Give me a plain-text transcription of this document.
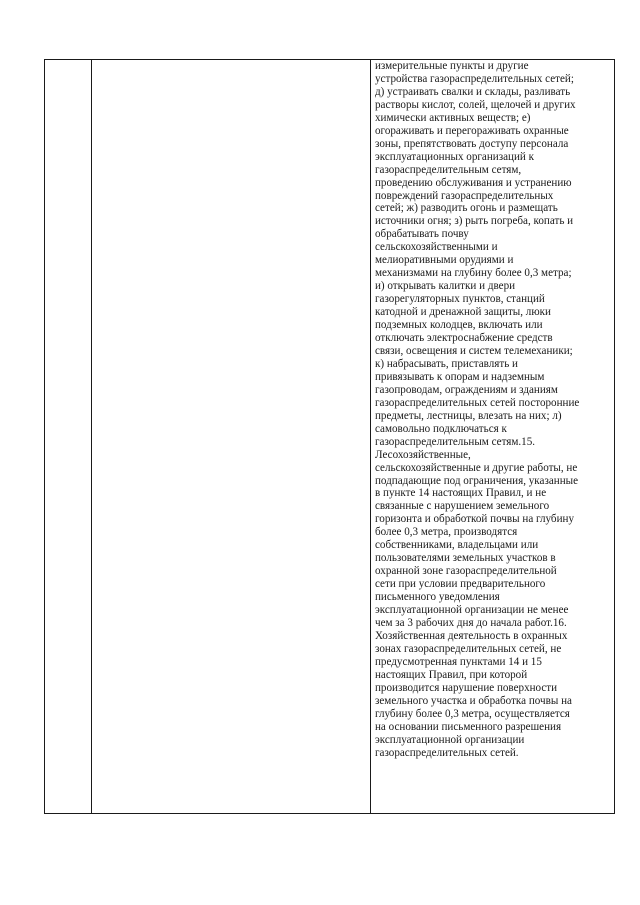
измерительные пункты и другие
устройства газораспределительных сетей;
д) устраивать свалки и склады, разливать
растворы кислот, солей, щелочей и других
химически активных веществ; е)
огораживать и перегораживать охранные
зоны, препятствовать доступу персонала
эксплуатационных организаций к
газораспределительным сетям,
проведению обслуживания и устранению
повреждений газораспределительных
сетей; ж) разводить огонь и размещать
источники огня; з) рыть погреба, копать и
обрабатывать почву
сельскохозяйственными и
мелиоративными орудиями и
механизмами на глубину более 0,3 метра;
и) открывать калитки и двери
газорегуляторных пунктов, станций
катодной и дренажной защиты, люки
подземных колодцев, включать или
отключать электроснабжение средств
связи, освещения и систем телемеханики;
к) набрасывать, приставлять и
привязывать к опорам и надземным
газопроводам, ограждениям и зданиям
газораспределительных сетей посторонние
предметы, лестницы, влезать на них; л)
самовольно подключаться к
газораспределительным сетям.15.
Лесохозяйственные,
сельскохозяйственные и другие работы, не
подпадающие под ограничения, указанные
в пункте 14 настоящих Правил, и не
связанные с нарушением земельного
горизонта и обработкой почвы на глубину
более 0,3 метра, производятся
собственниками, владельцами или
пользователями земельных участков в
охранной зоне газораспределительной
сети при условии предварительного
письменного уведомления
эксплуатационной организации не менее
чем за 3 рабочих дня до начала работ.16.
Хозяйственная деятельность в охранных
зонах газораспределительных сетей, не
предусмотренная пунктами 14 и 15
настоящих Правил, при которой
производится нарушение поверхности
земельного участка и обработка почвы на
глубину более 0,3 метра, осуществляется
на основании письменного разрешения
эксплуатационной организации
газораспределительных сетей.
